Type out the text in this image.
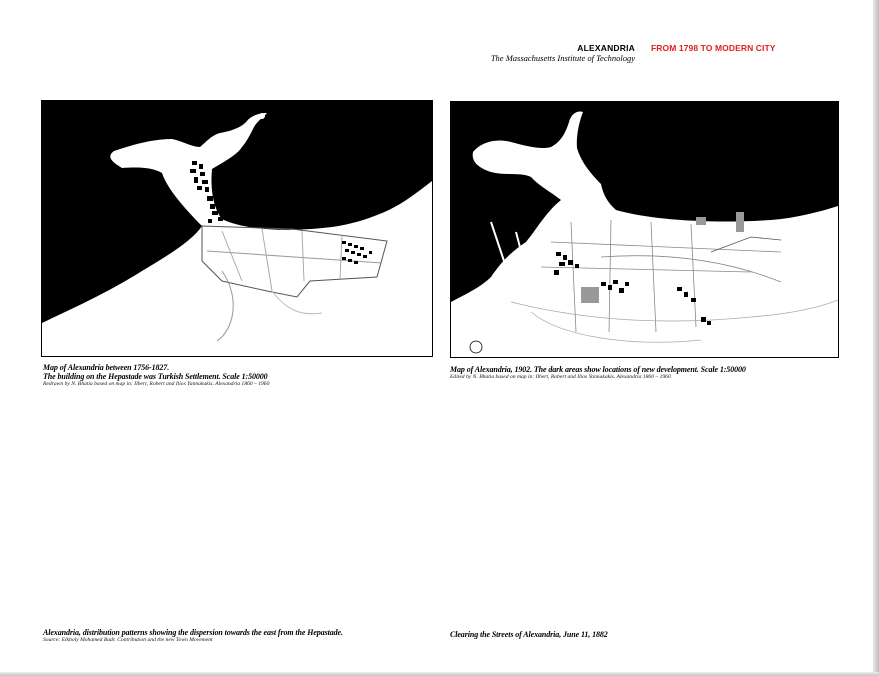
ALEXANDRIA FROM 1798 TO MODERN CITY
The Massachusetts Institute of Technology
Map of Alexandria between 1756-1827.
The building on the Hepastade was Turkish Settlement. Scale 1:50000
Redrawn by N. Bhatia based on map in: Ilbert, Robert and Ilios Yannakakis. Alexandria 1860 – 1960
Map of Alexandria, 1902. The dark areas show locations of new development. Scale 1:50000
Edited by N. Bhatia based on map in: Ilbert, Robert and Ilios Yannakakis. Alexandria 1860 – 1960
Alexandria, distribution patterns showing the dispersion towards the east from the Hepastade.
Source: Elkholy Mohamed Badr. Contribution and the new Town Movement
Clearing the Streets of Alexandria, June 11, 1882
